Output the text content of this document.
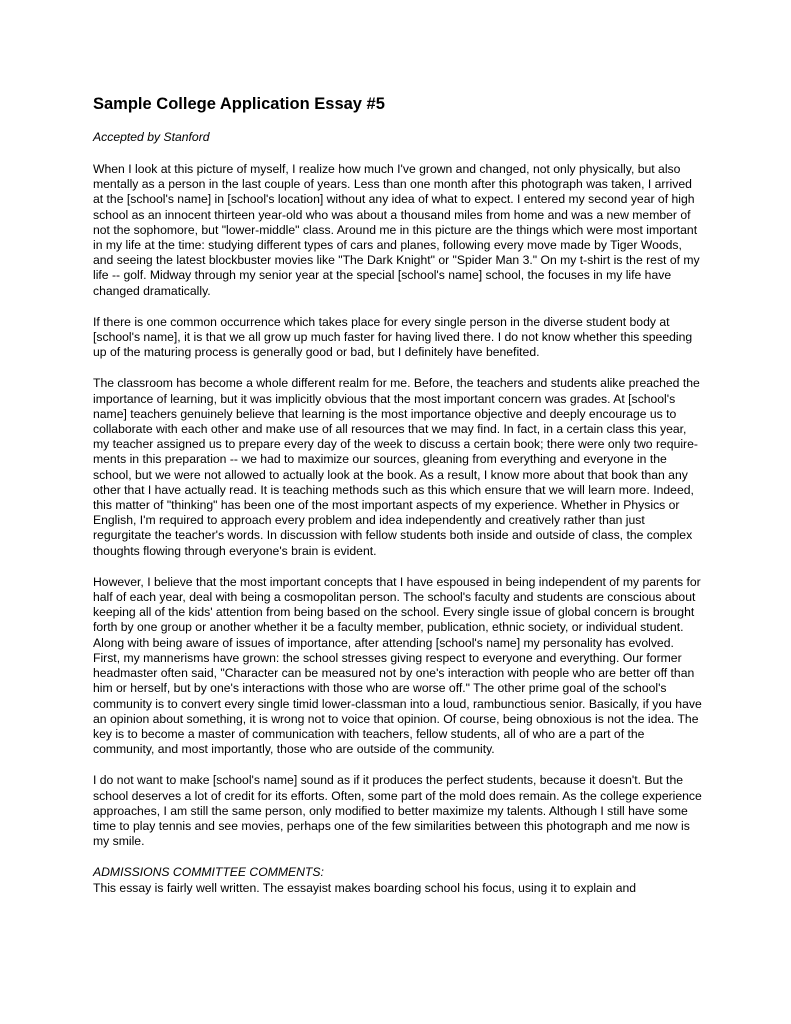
Sample College Application Essay #5

Accepted by Stanford

When I look at this picture of myself, I realize how much I've grown and changed, not only physically, but also mentally as a person in the last couple of years. Less than one month after this photograph was taken, I arrived at the [school's name] in [school's location] without any idea of what to expect. I entered my second year of high school as an innocent thirteen year-old who was about a thousand miles from home and was a new member of not the sophomore, but "lower-middle" class. Around me in this picture are the things which were most important in my life at the time: studying different types of cars and planes, following every move made by Tiger Woods, and seeing the latest blockbuster movies like "The Dark Knight" or "Spider Man 3." On my t-shirt is the rest of my life -- golf. Midway through my senior year at the special [school's name] school, the focuses in my life have changed dramatically.

If there is one common occurrence which takes place for every single person in the diverse student body at [school's name], it is that we all grow up much faster for having lived there. I do not know whether this speeding up of the maturing process is generally good or bad, but I definitely have benefited.

The classroom has become a whole different realm for me. Before, the teachers and students alike preached the importance of learning, but it was implicitly obvious that the most important concern was grades. At [school's name] teachers genuinely believe that learning is the most importance objective and deeply encourage us to collaborate with each other and make use of all resources that we may find. In fact, in a certain class this year, my teacher assigned us to prepare every day of the week to discuss a certain book; there were only two require-ments in this preparation -- we had to maximize our sources, gleaning from everything and everyone in the school, but we were not allowed to actually look at the book. As a result, I know more about that book than any other that I have actually read. It is teaching methods such as this which ensure that we will learn more. Indeed, this matter of "thinking" has been one of the most important aspects of my experience. Whether in Physics or English, I'm required to approach every problem and idea independently and creatively rather than just regurgitate the teacher's words. In discussion with fellow students both inside and outside of class, the complex thoughts flowing through everyone's brain is evident.

However, I believe that the most important concepts that I have espoused in being independent of my parents for half of each year, deal with being a cosmopolitan person. The school's faculty and students are conscious about keeping all of the kids' attention from being based on the school. Every single issue of global concern is brought forth by one group or another whether it be a faculty member, publication, ethnic society, or individual student. Along with being aware of issues of importance, after attending [school's name] my personality has evolved. First, my mannerisms have grown: the school stresses giving respect to everyone and everything. Our former headmaster often said, "Character can be measured not by one's interaction with people who are better off than him or herself, but by one's interactions with those who are worse off." The other prime goal of the school's community is to convert every single timid lower-classman into a loud, rambunctious senior. Basically, if you have an opinion about something, it is wrong not to voice that opinion. Of course, being obnoxious is not the idea. The key is to become a master of communication with teachers, fellow students, all of who are a part of the community, and most importantly, those who are outside of the community.

I do not want to make [school's name] sound as if it produces the perfect students, because it doesn't. But the school deserves a lot of credit for its efforts. Often, some part of the mold does remain. As the college experience approaches, I am still the same person, only modified to better maximize my talents. Although I still have some time to play tennis and see movies, perhaps one of the few similarities between this photograph and me now is my smile.

ADMISSIONS COMMITTEE COMMENTS:

This essay is fairly well written. The essayist makes boarding school his focus, using it to explain and
